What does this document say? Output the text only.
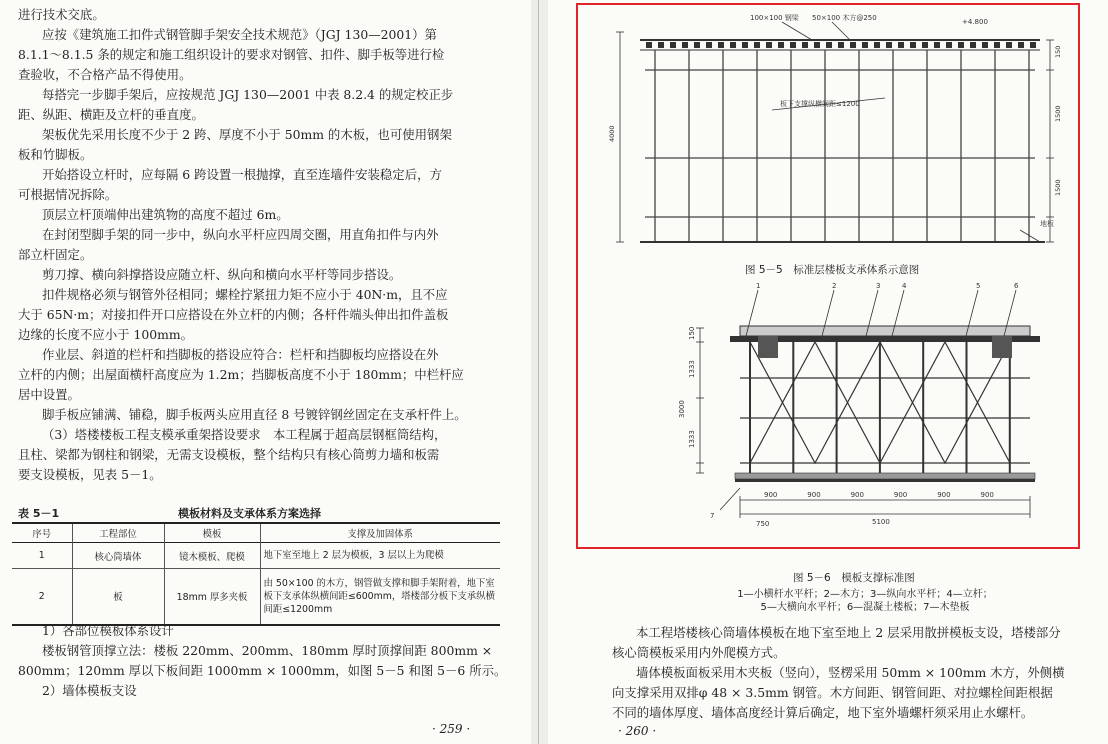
进行技术交底。

应按《建筑施工扣件式钢管脚手架安全技术规范》（JGJ 130—2001）第

8.1.1～8.1.5 条的规定和施工组织设计的要求对钢管、扣件、脚手板等进行检

查验收，不合格产品不得使用。

每搭完一步脚手架后，应按规范 JGJ 130—2001 中表 8.2.4 的规定校正步

距、纵距、横距及立杆的垂直度。

架板优先采用长度不少于 2 跨、厚度不小于 50mm 的木板，也可使用钢架

板和竹脚板。

开始搭设立杆时，应每隔 6 跨设置一根抛撑，直至连墙件安装稳定后，方

可根据情况拆除。

顶层立杆顶端伸出建筑物的高度不超过 6m。

在封闭型脚手架的同一步中，纵向水平杆应四周交圈，用直角扣件与内外

部立杆固定。

剪刀撑、横向斜撑搭设应随立杆、纵向和横向水平杆等同步搭设。

扣件规格必须与钢管外径相同；螺栓拧紧扭力矩不应小于 40N·m，且不应

大于 65N·m；对接扣件开口应搭设在外立杆的内侧；各杆件端头伸出扣件盖板

边缘的长度不应小于 100mm。

作业层、斜道的栏杆和挡脚板的搭设应符合：栏杆和挡脚板均应搭设在外

立杆的内侧；出屋面横杆高度应为 1.2m；挡脚板高度不小于 180mm；中栏杆应

居中设置。

脚手板应铺满、铺稳，脚手板两头应用直径 8 号镀锌钢丝固定在支承杆件上。

（3）塔楼楼板工程支模承重架搭设要求　本工程属于超高层钢框筒结构，

且柱、梁都为钢柱和钢梁，无需支设模板，整个结构只有核心筒剪力墙和板需

要支设模板，见表 5－1。

表 5－1	模板材料及支承体系方案选择
序号	工程部位	模板	支撑及加固体系
1	核心筒墙体	镜木模板、爬模	地下室至地上 2 层为模板，3 层以上为爬模
2	板	18mm 厚多夹板	由 50×100 的木方，钢管做支撑和脚手架附着，地下室板下支承体纵横间距≤600mm，塔楼部分板下支承纵横间距≤1200mm

1）各部位模板体系设计

楼板钢管顶撑立法：楼板 220mm、200mm、180mm 厚时顶撑间距 800mm ×

800mm；120mm 厚以下板间距 1000mm × 1000mm，如图 5－5 和图 5－6 所示。

2）墙体模板支设

· 259 ·

本工程塔楼核心筒墙体模板在地下室至地上 2 层采用散拼模板支设，塔楼部分

核心筒模板采用内外爬模方式。

墙体模板面板采用木夹板（竖向），竖楞采用 50mm × 100mm 木方，外侧横

向支撑采用双排φ 48 × 3.5mm 钢管。木方间距、钢管间距、对拉螺栓间距根据

不同的墙体厚度、墙体高度经计算后确定，地下室外墙螺杆须采用止水螺杆。

· 260 ·
100×100 钢梁 50×100 木方@250	+4.800 板下支撑纵横间距≤1200 地板
4000
150
1500
1500
图 5－5　标准层楼板支承体系示意图
1	2	3	4	5	6
7
900	900	900	900	900	900
150
1333
3000
1333
750	5100
图 5－6　模板支撑标准图
1—小横杆水平杆；2—木方；3—纵向水平杆；4—立杆；
5—大横向水平杆；6—混凝土楼板；7—木垫板
